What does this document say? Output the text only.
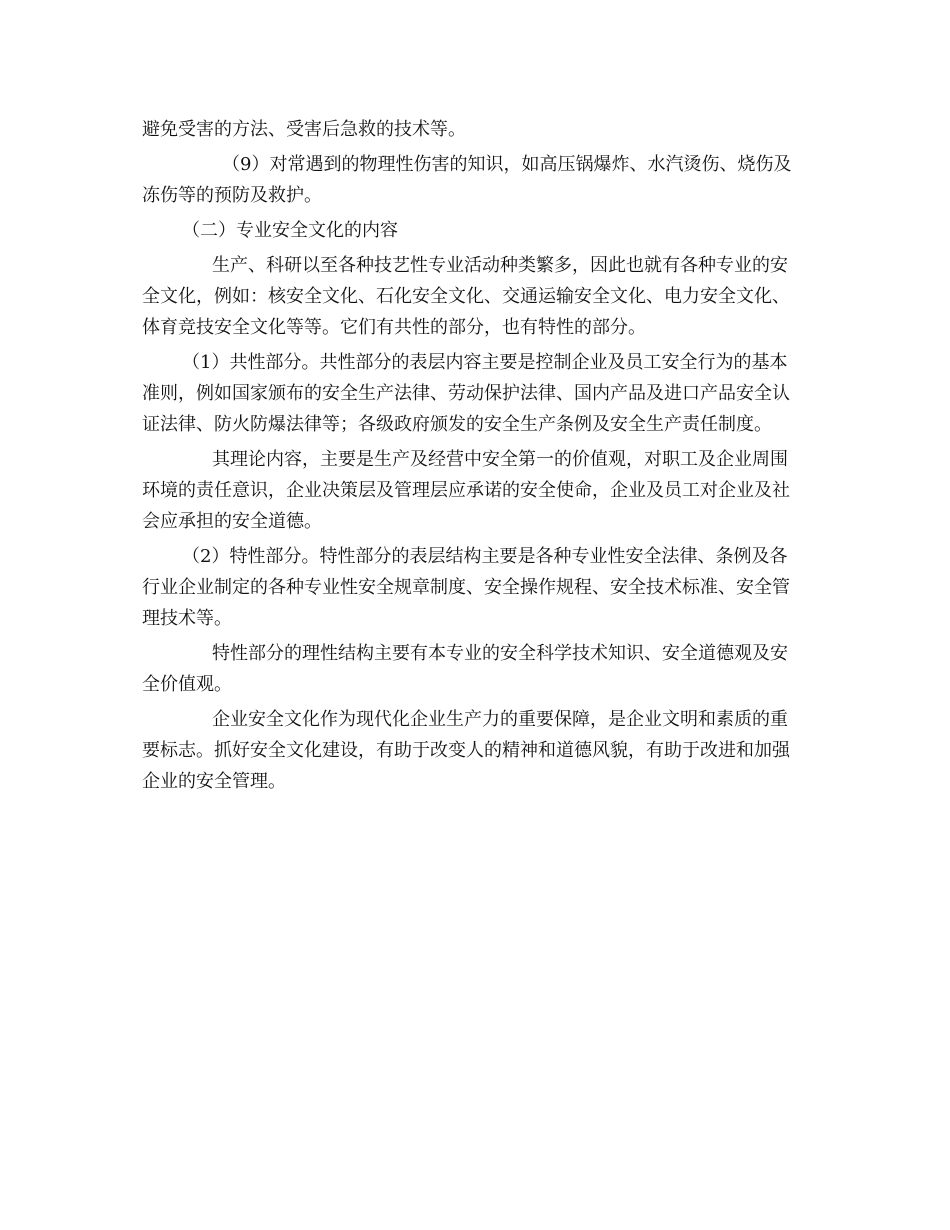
避免受害的方法、受害后急救的技术等。
（9）对常遇到的物理性伤害的知识，如高压锅爆炸、水汽烫伤、烧伤及
冻伤等的预防及救护。
（二）专业安全文化的内容
生产、科研以至各种技艺性专业活动种类繁多，因此也就有各种专业的安
全文化，例如：核安全文化、石化安全文化、交通运输安全文化、电力安全文化、
体育竞技安全文化等等。它们有共性的部分，也有特性的部分。
（1）共性部分。共性部分的表层内容主要是控制企业及员工安全行为的基本
准则，例如国家颁布的安全生产法律、劳动保护法律、国内产品及进口产品安全认
证法律、防火防爆法律等；各级政府颁发的安全生产条例及安全生产责任制度。
其理论内容，主要是生产及经营中安全第一的价值观，对职工及企业周围
环境的责任意识，企业决策层及管理层应承诺的安全使命，企业及员工对企业及社
会应承担的安全道德。
（2）特性部分。特性部分的表层结构主要是各种专业性安全法律、条例及各
行业企业制定的各种专业性安全规章制度、安全操作规程、安全技术标准、安全管
理技术等。
特性部分的理性结构主要有本专业的安全科学技术知识、安全道德观及安
全价值观。
企业安全文化作为现代化企业生产力的重要保障，是企业文明和素质的重
要标志。抓好安全文化建设，有助于改变人的精神和道德风貌，有助于改进和加强
企业的安全管理。
